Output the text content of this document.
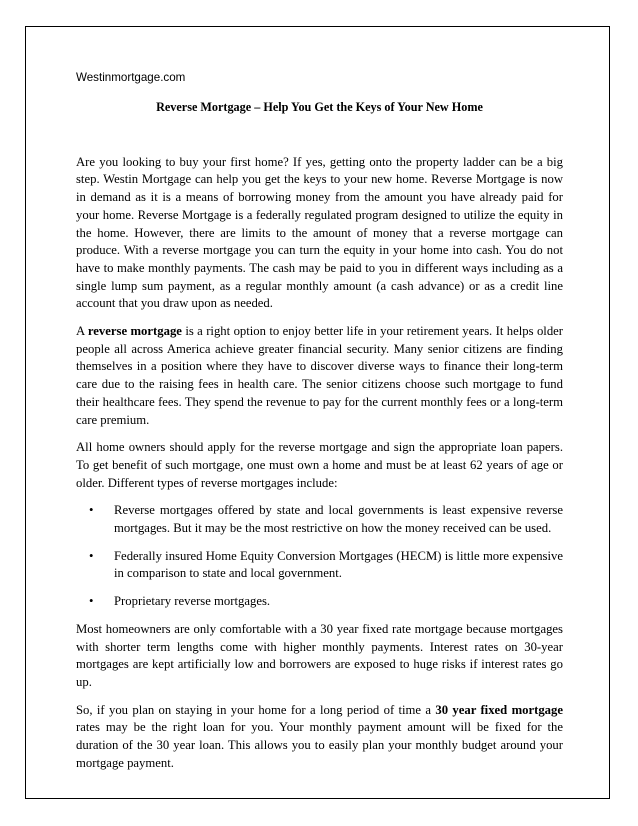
Westinmortgage.com
Reverse Mortgage – Help You Get the Keys of Your New Home

Are you looking to buy your first home? If yes, getting onto the property ladder can be a big step. Westin Mortgage can help you get the keys to your new home. Reverse Mortgage is now in demand as it is a means of borrowing money from the amount you have already paid for your home. Reverse Mortgage is a federally regulated program designed to utilize the equity in the home. However, there are limits to the amount of money that a reverse mortgage can produce. With a reverse mortgage you can turn the equity in your home into cash. You do not have to make monthly payments. The cash may be paid to you in different ways including as a single lump sum payment, as a regular monthly amount (a cash advance) or as a credit line account that you draw upon as needed.

A reverse mortgage is a right option to enjoy better life in your retirement years. It helps older people all across America achieve greater financial security. Many senior citizens are finding themselves in a position where they have to discover diverse ways to finance their long-term care due to the raising fees in health care. The senior citizens choose such mortgage to fund their healthcare fees. They spend the revenue to pay for the current monthly fees or a long-term care premium.

All home owners should apply for the reverse mortgage and sign the appropriate loan papers. To get benefit of such mortgage, one must own a home and must be at least 62 years of age or older. Different types of reverse mortgages include:

• Reverse mortgages offered by state and local governments is least expensive reverse mortgages. But it may be the most restrictive on how the money received can be used.
• Federally insured Home Equity Conversion Mortgages (HECM) is little more expensive in comparison to state and local government.
• Proprietary reverse mortgages.

Most homeowners are only comfortable with a 30 year fixed rate mortgage because mortgages with shorter term lengths come with higher monthly payments. Interest rates on 30-year mortgages are kept artificially low and borrowers are exposed to huge risks if interest rates go up.

So, if you plan on staying in your home for a long period of time a 30 year fixed mortgage rates may be the right loan for you. Your monthly payment amount will be fixed for the duration of the 30 year loan. This allows you to easily plan your monthly budget around your mortgage payment.
